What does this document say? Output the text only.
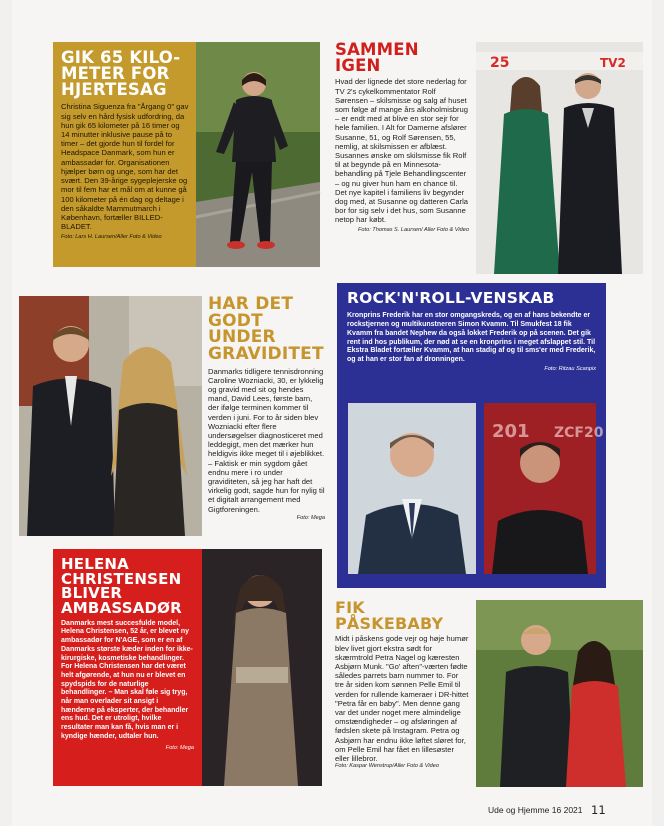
GIK 65 KILO-METER FOR HJERTESAG
Christina Siguenza fra "Årgang 0" gav sig selv en hård fysisk udfordring, da hun gik 65 kilometer på 16 timer og 14 minutter inklusive pause på to timer – det gjorde hun til fordel for Headspace Danmark, som hun er ambassadør for. Organisationen hjælper børn og unge, som har det svært. Den 39-årige sygeplejerske og mor til fem har et mål om at kunne gå 100 kilometer på én dag og deltage i den såkaldte Mammutmarch i København, fortæller BILLED-BLADET.
Foto: Lars H. Laursen/Aller Foto & Video
SAMMEN IGEN
Hvad der lignede det store nederlag for TV 2's cykelkommentator Rolf Sørensen – skilsmisse og salg af huset som følge af mange års alkoholmisbrug – er endt med at blive en stor sejr for hele familien. I Alt for Damerne afslører Susanne, 51, og Rolf Sørensen, 55, nemlig, at skilsmissen er afblæst. Susannes ønske om skilsmisse fik Rolf til at begynde på en Minnesota-behandling på Tjele Behandlingscenter – og nu giver hun ham en chance til. Det nye kapitel i familiens liv begynder dog med, at Susanne og datteren Carla bor for sig selv i det hus, som Susanne netop har købt.
Foto: Thomas S. Laursen/ Aller Foto & Video
25	TV2
HAR DET GODT UNDER GRAVIDITET
Danmarks tidligere tennisdronning Caroline Wozniacki, 30, er lykkelig og gravid med sit og hendes mand, David Lees, første barn, der ifølge terminen kommer til verden i juni. For to år siden blev Wozniacki efter flere undersøgelser diagnosticeret med leddegigt, men det mærker hun heldigvis ikke meget til i øjeblikket. – Faktisk er min sygdom gået endnu mere i ro under graviditeten, så jeg har haft det virkelig godt, sagde hun for nylig til et digitalt arrangement med Gigtforeningen.
Foto: Mega
ROCK'N'ROLL-VENSKAB
Kronprins Frederik har en stor omgangskreds, og en af hans bekendte er rockstjernen og multikunstneren Simon Kvamm. Til Smukfest 18 fik Kvamm fra bandet Nephew da også lokket Frederik op på scenen. Det gik rent ind hos publikum, der nød at se en kronprins i meget afslappet stil. Til Ekstra Bladet fortæller Kvamm, at han stadig af og til sms'er med Frederik, og at han er stor fan af dronningen.
Foto: Ritzau Scanpix
201 ZCF20
HELENA CHRISTENSEN BLIVER AMBASSADØR
Danmarks mest succesfulde model, Helena Christensen, 52 år, er blevet ny ambassadør for N'AGE, som er en af Danmarks største kæder inden for ikke-kirurgiske, kosmetiske behandlinger. For Helena Christensen har det været helt afgørende, at hun nu er blevet en spydspids for de naturlige behandlinger. – Man skal føle sig tryg, når man overlader sit ansigt i hænderne på eksperter, der behandler ens hud. Det er utroligt, hvilke resultater man kan få, hvis man er i kyndige hænder, udtaler hun.
Foto: Mega
FIK PÅSKEBABY
Midt i påskens gode vejr og høje humør blev livet gjort ekstra sødt for skærmtrold Petra Nagel og kæresten Asbjørn Munk. "Go' aften"-værten fødte således parrets barn nummer to. For tre år siden kom sønnen Pelle Emil til verden for rullende kameraer i DR-hittet "Petra får en baby". Men denne gang var det under noget mere almindelige omstændigheder – og afsløringen af fødslen skete på Instagram. Petra og Asbjørn har endnu ikke løftet sløret for, om Pelle Emil har fået en lillesøster eller lillebror.
Foto: Kaspar Wenstrup/Aller Foto & Video
Ude og Hjemme 16 2021 11
